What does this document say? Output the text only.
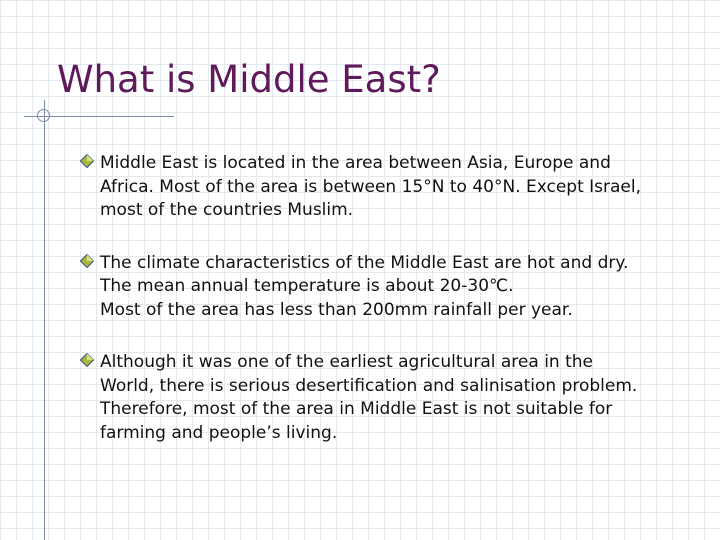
What is Middle East?
Middle East is located in the area between Asia, Europe and
Africa. Most of the area is between 15°N to 40°N. Except Israel,
most of the countries Muslim.
The climate characteristics of the Middle East are hot and dry.
The mean annual temperature is about 20-30℃.
Most of the area has less than 200mm rainfall per year.
Although it was one of the earliest agricultural area in the
World, there is serious desertification and salinisation problem.
Therefore, most of the area in Middle East is not suitable for
farming and people’s living.
